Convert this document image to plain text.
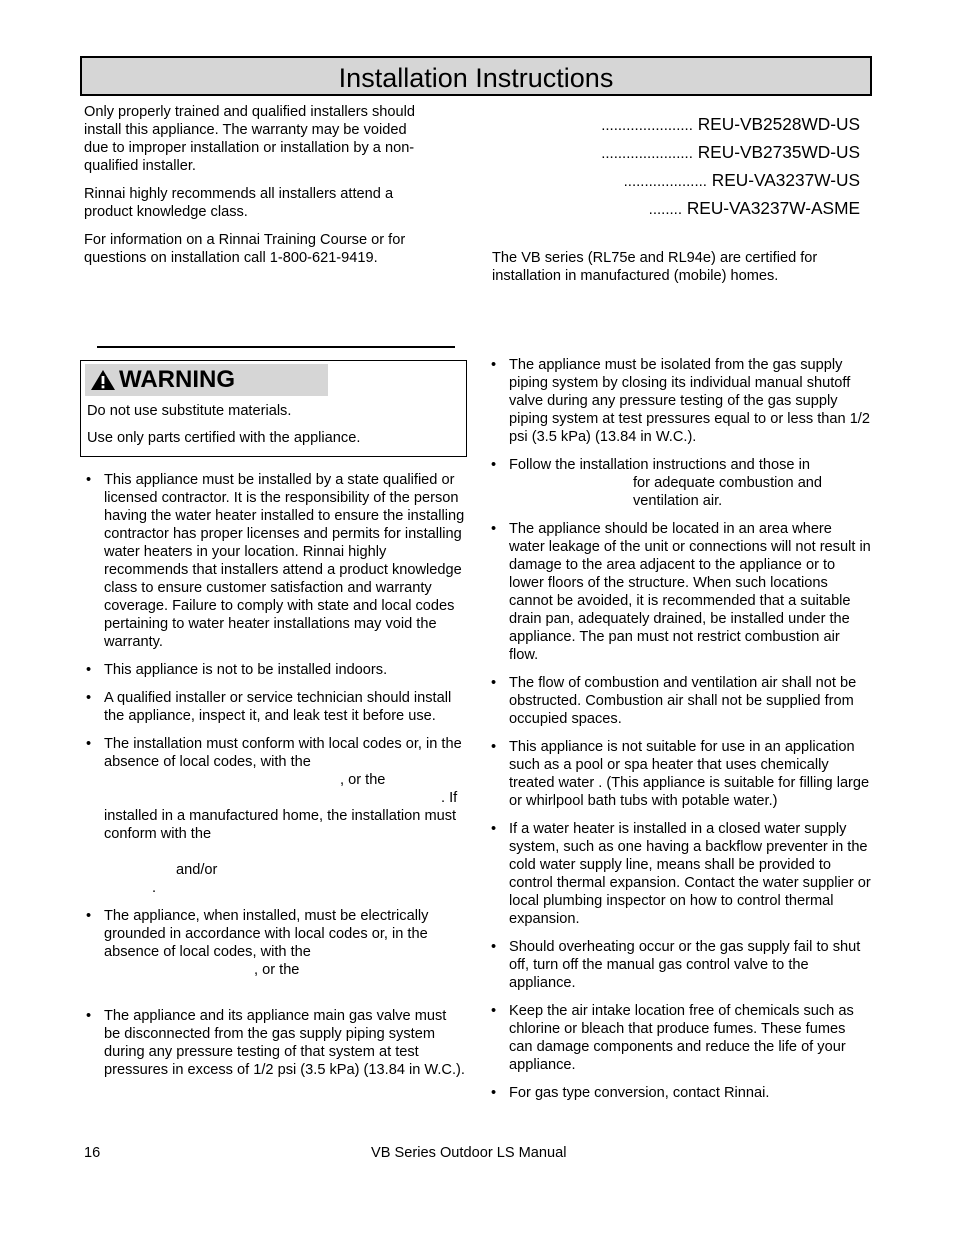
Installation Instructions

Only properly trained and qualified installers should install this appliance. The warranty may be voided due to improper installation or installation by a non-qualified installer.

Rinnai highly recommends all installers attend a product knowledge class.

For information on a Rinnai Training Course or for questions on installation call 1-800-621-9419.

...................... REU-VB2528WD-US
...................... REU-VB2735WD-US
.................... REU-VA3237W-US
........ REU-VA3237W-ASME

The VB series (RL75e and RL94e) are certified for installation in manufactured (mobile) homes.

WARNING

Do not use substitute materials.

Use only parts certified with the appliance.

• This appliance must be installed by a state qualified or licensed contractor. It is the responsibility of the person having the water heater installed to ensure the installing contractor has proper licenses and permits for installing water heaters in your location. Rinnai highly recommends that installers attend a product knowledge class to ensure customer satisfaction and warranty coverage. Failure to comply with state and local codes pertaining to water heater installations may void the warranty.
• This appliance is not to be installed indoors.
• A qualified installer or service technician should install the appliance, inspect it, and leak test it before use.
• The installation must conform with local codes or, in the absence of local codes, with the
, or the
. If
installed in a manufactured home, the installation must conform with the
and/or
.
• The appliance, when installed, must be electrically grounded in accordance with local codes or, in the absence of local codes, with the
, or the
• The appliance and its appliance main gas valve must be disconnected from the gas supply piping system during any pressure testing of that system at test pressures in excess of 1/2 psi (3.5 kPa) (13.84 in W.C.).
• The appliance must be isolated from the gas supply piping system by closing its individual manual shutoff valve during any pressure testing of the gas supply piping system at test pressures equal to or less than 1/2 psi (3.5 kPa) (13.84 in W.C.).
• Follow the installation instructions and those in
for adequate combustion and ventilation air.
• The appliance should be located in an area where water leakage of the unit or connections will not result in damage to the area adjacent to the appliance or to lower floors of the structure. When such locations cannot be avoided, it is recommended that a suitable drain pan, adequately drained, be installed under the appliance. The pan must not restrict combustion air flow.
• The flow of combustion and ventilation air shall not be obstructed. Combustion air shall not be supplied from occupied spaces.
• This appliance is not suitable for use in an application such as a pool or spa heater that uses chemically treated water . (This appliance is suitable for filling large or whirlpool bath tubs with potable water.)
• If a water heater is installed in a closed water supply system, such as one having a backflow preventer in the cold water supply line, means shall be provided to control thermal expansion. Contact the water supplier or local plumbing inspector on how to control thermal expansion.
• Should overheating occur or the gas supply fail to shut off, turn off the manual gas control valve to the appliance.
• Keep the air intake location free of chemicals such as chlorine or bleach that produce fumes. These fumes can damage components and reduce the life of your appliance.
• For gas type conversion, contact Rinnai.
16	VB Series Outdoor LS Manual
